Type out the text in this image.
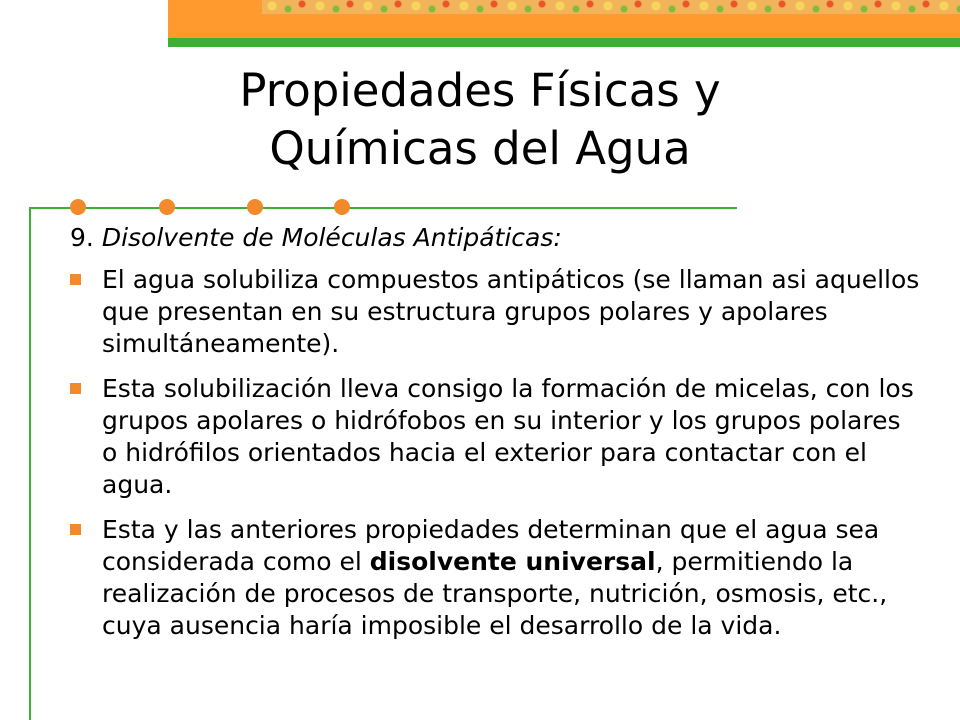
Propiedades Físicas y
Químicas del Agua
9. Disolvente de Moléculas Antipáticas:
El agua solubiliza compuestos antipáticos (se llaman asi aquellos que presentan en su estructura grupos polares y apolares simultáneamente).
Esta solubilización lleva consigo la formación de micelas, con los grupos apolares o hidrófobos en su interior y los grupos polares o hidrófilos orientados hacia el exterior para contactar con el agua.
Esta y las anteriores propiedades determinan que el agua sea considerada como el disolvente universal, permitiendo la realización de procesos de transporte, nutrición, osmosis, etc., cuya ausencia haría imposible el desarrollo de la vida.
